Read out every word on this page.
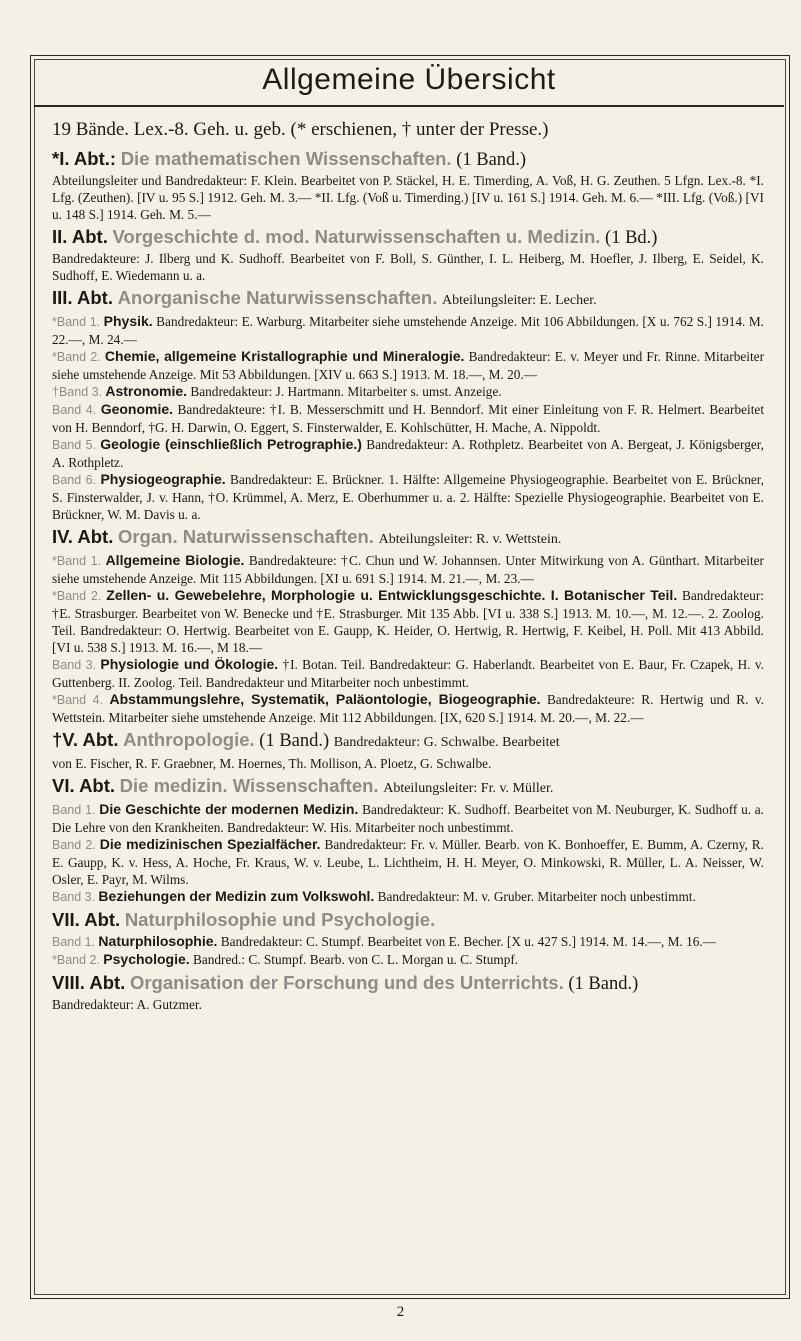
Allgemeine Übersicht

19 Bände. Lex.-8. Geh. u. geb. (* erschienen, † unter der Presse.)

*I. Abt.: Die mathematischen Wissenschaften. (1 Band.)

Abteilungsleiter und Bandredakteur: F. Klein. Bearbeitet von P. Stäckel, H. E. Timerding, A. Voß, H. G. Zeuthen. 5 Lfgn. Lex.-8. *I. Lfg. (Zeuthen). [IV u. 95 S.] 1912. Geh. M. 3.— *II. Lfg. (Voß u. Timerding.) [IV u. 161 S.] 1914. Geh. M. 6.— *III. Lfg. (Voß.) [VI u. 148 S.] 1914. Geh. M. 5.—

II. Abt. Vorgeschichte d. mod. Naturwissenschaften u. Medizin. (1 Bd.)

Bandredakteure: J. Ilberg und K. Sudhoff. Bearbeitet von F. Boll, S. Günther, I. L. Heiberg, M. Hoefler, J. Ilberg, E. Seidel, K. Sudhoff, E. Wiedemann u. a.

III. Abt. Anorganische Naturwissenschaften. Abteilungsleiter: E. Lecher.

*Band 1. Physik. Bandredakteur: E. Warburg. Mitarbeiter siehe umstehende Anzeige. Mit 106 Abbildungen. [X u. 762 S.] 1914. M. 22.—, M. 24.—

*Band 2. Chemie, allgemeine Kristallographie und Mineralogie. Bandredakteur: E. v. Meyer und Fr. Rinne. Mitarbeiter siehe umstehende Anzeige. Mit 53 Abbildungen. [XIV u. 663 S.] 1913. M. 18.—, M. 20.—

†Band 3. Astronomie. Bandredakteur: J. Hartmann. Mitarbeiter s. umst. Anzeige.

Band 4. Geonomie. Bandredakteure: †I. B. Messerschmitt und H. Benndorf. Mit einer Einleitung von F. R. Helmert. Bearbeitet von H. Benndorf, †G. H. Darwin, O. Eggert, S. Finsterwalder, E. Kohlschütter, H. Mache, A. Nippoldt.

Band 5. Geologie (einschließlich Petrographie.) Bandredakteur: A. Rothpletz. Bearbeitet von A. Bergeat, J. Königsberger, A. Rothpletz.

Band 6. Physiogeographie. Bandredakteur: E. Brückner. 1. Hälfte: Allgemeine Physiogeographie. Bearbeitet von E. Brückner, S. Finsterwalder, J. v. Hann, †O. Krümmel, A. Merz, E. Oberhummer u. a. 2. Hälfte: Spezielle Physiogeographie. Bearbeitet von E. Brückner, W. M. Davis u. a.

IV. Abt. Organ. Naturwissenschaften. Abteilungsleiter: R. v. Wettstein.

*Band 1. Allgemeine Biologie. Bandredakteure: †C. Chun und W. Johannsen. Unter Mitwirkung von A. Günthart. Mitarbeiter siehe umstehende Anzeige. Mit 115 Abbildungen. [XI u. 691 S.] 1914. M. 21.—, M. 23.—

*Band 2. Zellen- u. Gewebelehre, Morphologie u. Entwicklungsgeschichte. I. Botanischer Teil. Bandredakteur: †E. Strasburger. Bearbeitet von W. Benecke und †E. Strasburger. Mit 135 Abb. [VI u. 338 S.] 1913. M. 10.—, M. 12.—. 2. Zoolog. Teil. Bandredakteur: O. Hertwig. Bearbeitet von E. Gaupp, K. Heider, O. Hertwig, R. Hertwig, F. Keibel, H. Poll. Mit 413 Abbild. [VI u. 538 S.] 1913. M. 16.—, M 18.—

Band 3. Physiologie und Ökologie. †I. Botan. Teil. Bandredakteur: G. Haberlandt. Bearbeitet von E. Baur, Fr. Czapek, H. v. Guttenberg. II. Zoolog. Teil. Bandredakteur und Mitarbeiter noch unbestimmt.

*Band 4. Abstammungslehre, Systematik, Paläontologie, Biogeographie. Bandredakteure: R. Hertwig und R. v. Wettstein. Mitarbeiter siehe umstehende Anzeige. Mit 112 Abbildungen. [IX, 620 S.] 1914. M. 20.—, M. 22.—

†V. Abt. Anthropologie. (1 Band.) Bandredakteur: G. Schwalbe. Bearbeitet

von E. Fischer, R. F. Graebner, M. Hoernes, Th. Mollison, A. Ploetz, G. Schwalbe.

VI. Abt. Die medizin. Wissenschaften. Abteilungsleiter: Fr. v. Müller.

Band 1. Die Geschichte der modernen Medizin. Bandredakteur: K. Sudhoff. Bearbeitet von M. Neuburger, K. Sudhoff u. a. Die Lehre von den Krankheiten. Bandredakteur: W. His. Mitarbeiter noch unbestimmt.

Band 2. Die medizinischen Spezialfächer. Bandredakteur: Fr. v. Müller. Bearb. von K. Bonhoeffer, E. Bumm, A. Czerny, R. E. Gaupp, K. v. Hess, A. Hoche, Fr. Kraus, W. v. Leube, L. Lichtheim, H. H. Meyer, O. Minkowski, R. Müller, L. A. Neisser, W. Osler, E. Payr, M. Wilms.

Band 3. Beziehungen der Medizin zum Volkswohl. Bandredakteur: M. v. Gruber. Mitarbeiter noch unbestimmt.

VII. Abt. Naturphilosophie und Psychologie.

Band 1. Naturphilosophie. Bandredakteur: C. Stumpf. Bearbeitet von E. Becher. [X u. 427 S.] 1914. M. 14.—, M. 16.—

*Band 2. Psychologie. Bandred.: C. Stumpf. Bearb. von C. L. Morgan u. C. Stumpf.

VIII. Abt. Organisation der Forschung und des Unterrichts. (1 Band.)

Bandredakteur: A. Gutzmer.

2
